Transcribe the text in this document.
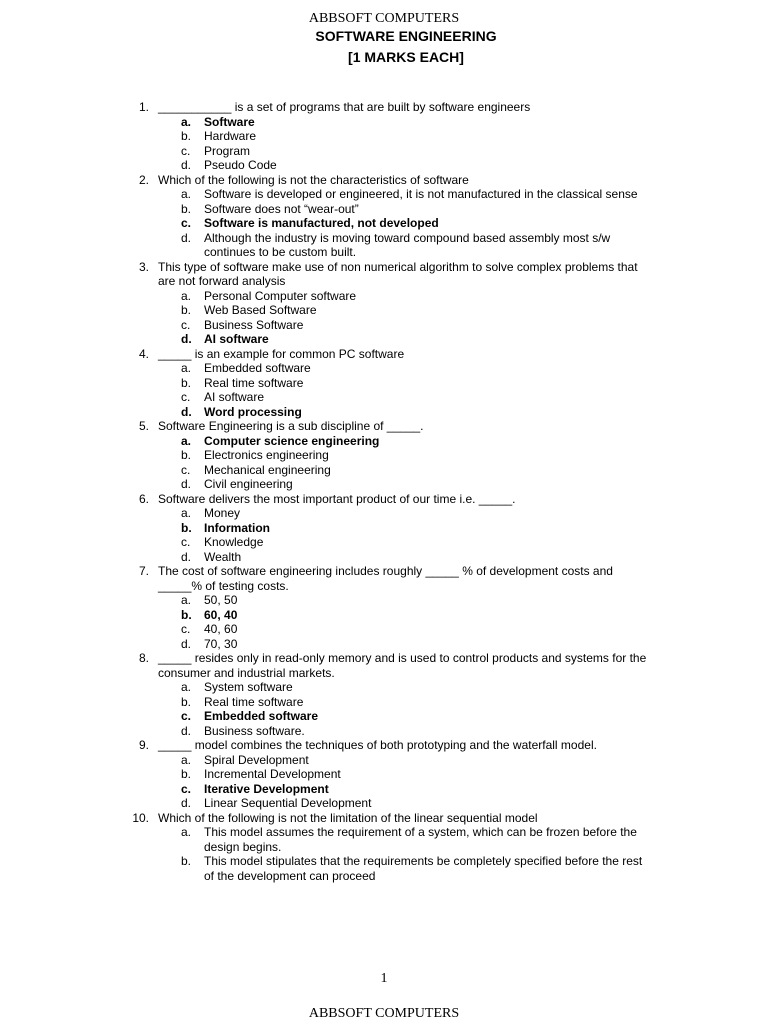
ABBSOFT COMPUTERS
SOFTWARE ENGINEERING
[1 MARKS EACH]
1. ___________ is a set of programs that are built by software engineers
a. Software
b. Hardware
c. Program
d. Pseudo Code
2. Which of the following is not the characteristics of software
a. Software is developed or engineered, it is not manufactured in the classical sense
b. Software does not “wear-out”
c. Software is manufactured, not developed
d. Although the industry is moving toward compound based assembly most s/w continues to be custom built.
3. This type of software make use of non numerical algorithm to solve complex problems that are not forward analysis
a. Personal Computer software
b. Web Based Software
c. Business Software
d. AI software
4. _____ is an example for common PC software
a. Embedded software
b. Real time software
c. AI software
d. Word processing
5. Software Engineering is a sub discipline of _____.
a. Computer science engineering
b. Electronics engineering
c. Mechanical engineering
d. Civil engineering
6. Software delivers the most important product of our time i.e. _____.
a. Money
b. Information
c. Knowledge
d. Wealth
7. The cost of software engineering includes roughly _____ % of development costs and _____% of testing costs.
a. 50, 50
b. 60, 40
c. 40, 60
d. 70, 30
8. _____ resides only in read-only memory and is used to control products and systems for the consumer and industrial markets.
a. System software
b. Real time software
c. Embedded software
d. Business software.
9. _____ model combines the techniques of both prototyping and the waterfall model.
a. Spiral Development
b. Incremental Development
c. Iterative Development
d. Linear Sequential Development
10. Which of the following is not the limitation of the linear sequential model
a. This model assumes the requirement of a system, which can be frozen before the design begins.
b. This model stipulates that the requirements be completely specified before the rest of the development can proceed
1
ABBSOFT COMPUTERS
